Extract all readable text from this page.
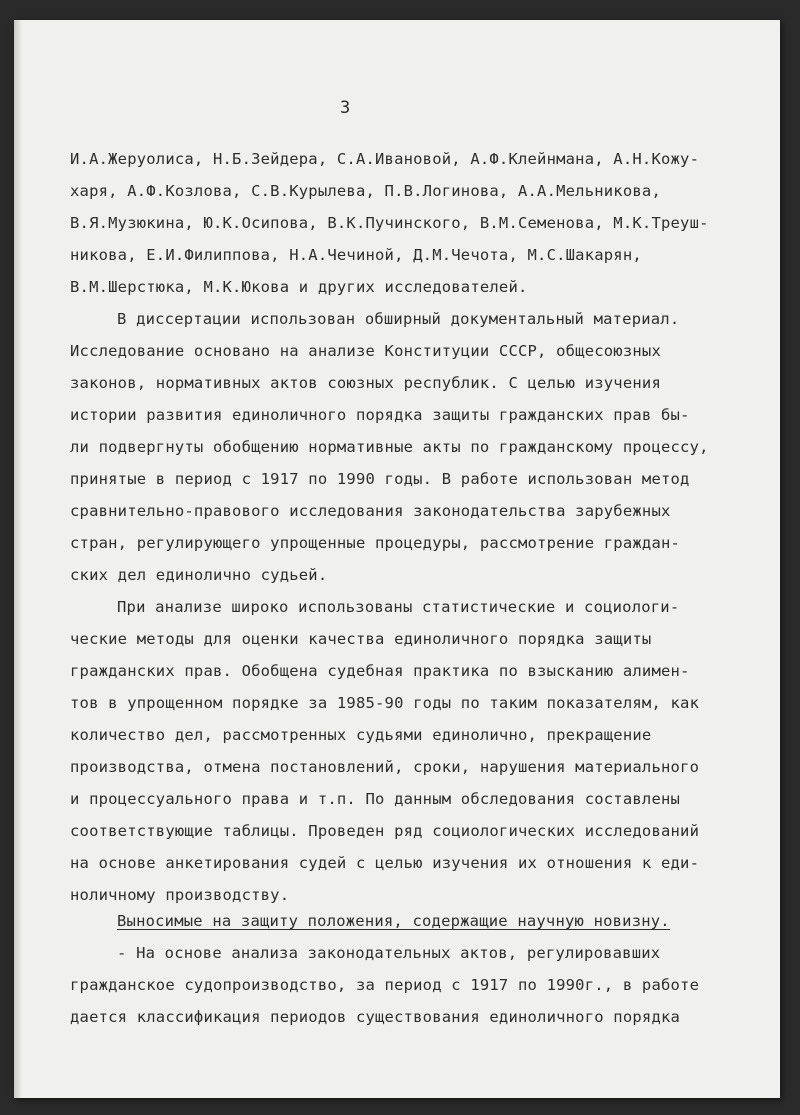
3
И.А.Жеруолиса, Н.Б.Зейдера, С.А.Ивановой, А.Ф.Клейнмана, А.Н.Кожу-
харя, А.Ф.Козлова, С.В.Курылева, П.В.Логинова, А.А.Мельникова,
В.Я.Музюкина, Ю.К.Осипова, В.К.Пучинского, В.М.Семенова, М.К.Треуш-
никова, Е.И.Филиппова, Н.А.Чечиной, Д.М.Чечота, М.С.Шакарян,
В.М.Шерстюка, М.К.Юкова и других исследователей.
В диссертации использован обширный документальный материал.
Исследование основано на анализе Конституции СССР, общесоюзных
законов, нормативных актов союзных республик. С целью изучения
истории развития единоличного порядка защиты гражданских прав бы-
ли подвергнуты обобщению нормативные акты по гражданскому процессу,
принятые в период с 1917 по 1990 годы. В работе использован метод
сравнительно-правового исследования законодательства зарубежных
стран, регулирующего упрощенные процедуры, рассмотрение граждан-
ских дел единолично судьей.
При анализе широко использованы статистические и социологи-
ческие методы для оценки качества единоличного порядка защиты
гражданских прав. Обобщена судебная практика по взысканию алимен-
тов в упрощенном порядке за 1985-90 годы по таким показателям, как
количество дел, рассмотренных судьями единолично, прекращение
производства, отмена постановлений, сроки, нарушения материального
и процессуального права и т.п. По данным обследования составлены
соответствующие таблицы. Проведен ряд социологических исследований
на основе анкетирования судей с целью изучения их отношения к еди-
ноличному производству.
Выносимые на защиту положения, содержащие научную новизну.
- На основе анализа законодательных актов, регулировавших
гражданское судопроизводство, за период с 1917 по 1990г., в работе
дается классификация периодов существования единоличного порядка
